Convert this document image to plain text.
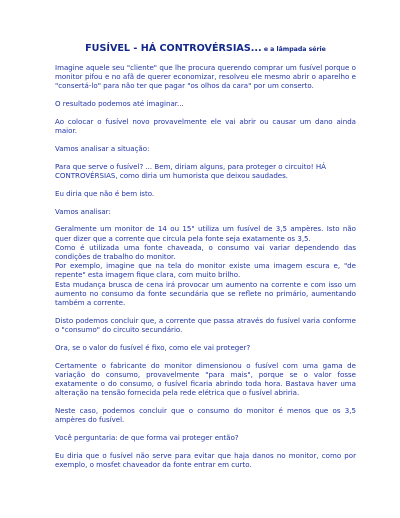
FUSÍVEL - HÁ CONTROVÉRSIAS... e a lâmpada série

Imagine aquele seu "cliente" que lhe procura querendo comprar um fusível porque o monitor pifou e no afã de querer economizar, resolveu ele mesmo abrir o aparelho e "consertá-lo" para não ter que pagar "os olhos da cara" por um conserto.

O resultado podemos até imaginar...

Ao colocar o fusível novo provavelmente ele vai abrir ou causar um dano ainda maior.

Vamos analisar a situação:

Para que serve o fusível? ... Bem, diriam alguns, para proteger o circuito! HÁ CONTROVÉRSIAS, como diria um humorista que deixou saudades.

Eu diria que não é bem isto.

Vamos analisar:

Geralmente um monitor de 14 ou 15" utiliza um fusível de 3,5 ampères. Isto não quer dizer que a corrente que circula pela fonte seja exatamente os 3,5.

Como é utilizada uma fonte chaveada, o consumo vai variar dependendo das condições de trabalho do monitor.

Por exemplo, imagine que na tela do monitor existe uma imagem escura e, "de repente" esta imagem fique clara, com muito brilho.

Esta mudança brusca de cena irá provocar um aumento na corrente e com isso um aumento no consumo da fonte secundária que se reflete no primário, aumentando também a corrente.

Disto podemos concluir que, a corrente que passa através do fusível varia conforme o "consumo" do circuito secundário.

Ora, se o valor do fusível é fixo, como ele vai proteger?

Certamente o fabricante do monitor dimensionou o fusível com uma gama de variação do consumo, provavelmente "para mais", porque se o valor fosse exatamente o do consumo, o fusível ficaria abrindo toda hora. Bastava haver uma alteração na tensão fornecida pela rede elétrica que o fusível abriria.

Neste caso, podemos concluir que o consumo do monitor é menos que os 3,5 ampères do fusível.

Você perguntaria: de que forma vai proteger então?

Eu diria que o fusível não serve para evitar que haja danos no monitor, como por exemplo, o mosfet chaveador da fonte entrar em curto.
